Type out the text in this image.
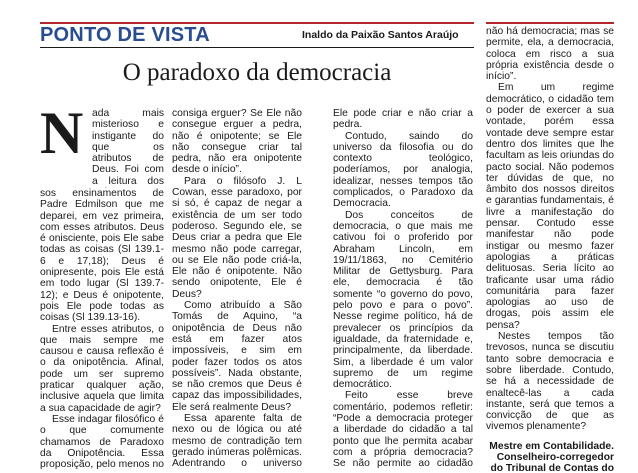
PONTO DE VISTA	Inaldo da Paixão Santos Araújo
O paradoxo da democracia
N ada mais misterioso e instigante do que os atributos de Deus. Foi com a leitura dos

sos ensinamentos de Padre Edmilson que me deparei, em vez primeira, com esses atributos. Deus é onisciente, pois Ele sabe todas as coisas (Sl 139.1-6 e 17,18); Deus é onipresente, pois Ele está em todo lugar (Sl 139.7-12); e Deus é onipotente, pois Ele pode todas as coisas (Sl 139.13-16).

Entre esses atributos, o que mais sempre me causou e causa reflexão é o da onipotência. Afinal, pode um ser supremo praticar qualquer ação, inclusive aquela que limita a sua capacidade de agir?

Esse indagar filosófico é o que comumente chamamos de Paradoxo da Onipotência. Essa proposição, pelo menos no

consiga erguer? Se Ele não consegue erguer a pedra, não é onipotente; se Ele não consegue criar tal pedra, não era onipotente desde o início”.

Para o filósofo J. L Cowan, esse paradoxo, por si só, é capaz de negar a existência de um ser todo poderoso. Segundo ele, se Deus criar a pedra que Ele mesmo não pode carregar, ou se Ele não pode criá-la, Ele não é onipotente. Não sendo onipotente, Ele é Deus?

Como atribuído a São Tomás de Aquino, “a onipotência de Deus não está em fazer atos impossíveis, e sim em poder fazer todos os atos possíveis”. Nada obstante, se não cremos que Deus é capaz das impossibilidades, Ele será realmente Deus?

Essa aparente falta de nexo ou de lógica ou até mesmo de contradição tem gerado inúmeras polêmicas. Adentrando o universo

Ele pode criar e não criar a pedra.

Contudo, saindo do universo da filosofia ou do contexto teológico, poderíamos, por analogia, idealizar, nesses tempos tão complicados, o Paradoxo da Democracia.

Dos conceitos de democracia, o que mais me cativou foi o proferido por Abraham Lincoln, em 19/11/1863, no Cemitério Militar de Gettysburg. Para ele, democracia é tão somente “o governo do povo, pelo povo e para o povo”. Nesse regime político, há de prevalecer os princípios da igualdade, da fraternidade e, principalmente, da liberdade. Sim, a liberdade é um valor supremo de um regime democrático.

Feito esse breve comentário, podemos refletir: “Pode a democracia proteger a liberdade do cidadão a tal ponto que lhe permita acabar com a própria democracia? Se não permite ao cidadão

não há democracia; mas se permite, ela, a democracia, coloca em risco a sua própria existência desde o início”.

Em um regime democrático, o cidadão tem o poder de exercer a sua vontade, porém essa vontade deve sempre estar dentro dos limites que lhe facultam as leis oriundas do pacto social. Não podemos ter dúvidas de que, no âmbito dos nossos direitos e garantias fundamentais, é livre a manifestação do pensar. Contudo esse manifestar não pode instigar ou mesmo fazer apologias a práticas delituosas. Seria lícito ao traficante usar uma rádio comunitária para fazer apologias ao uso de drogas, pois assim ele pensa?

Nestes tempos tão trevosos, nunca se discutiu tanto sobre democracia e sobre liberdade. Contudo, se há a necessidade de enaltecê-las a cada instante, será que temos a convicção de que as vivemos plenamente?

Mestre em Contabilidade. Conselheiro-corregedor do Tribunal de Contas do
